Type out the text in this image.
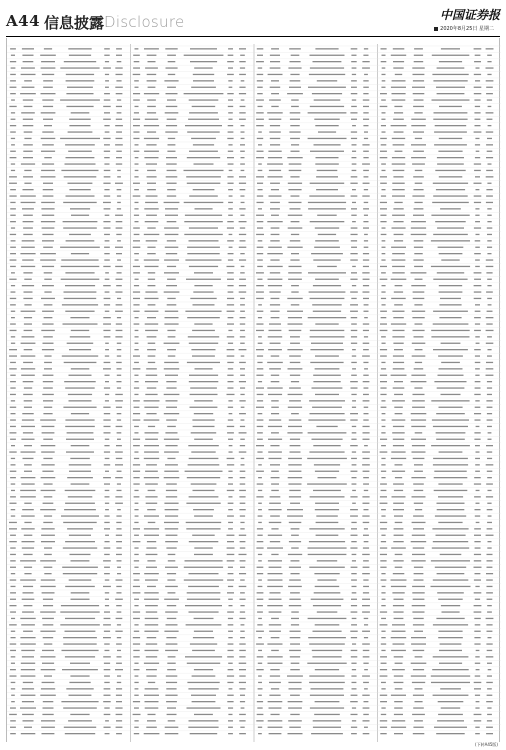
A44 信息披露 Disclosure	中国证券报
2020年8月25日 星期二
(下转A45版)
